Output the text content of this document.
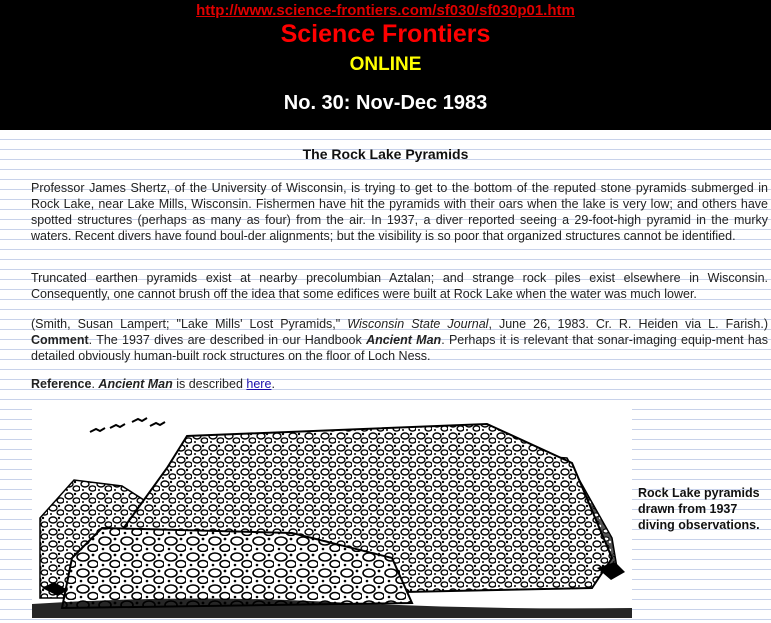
http://www.science-frontiers.com/sf030/sf030p01.htm
Science Frontiers
ONLINE
No. 30: Nov-Dec 1983
The Rock Lake Pyramids
Professor James Shertz, of the University of Wisconsin, is trying to get to the bottom of the reputed stone pyramids submerged in Rock Lake, near Lake Mills, Wisconsin. Fishermen have hit the pyramids with their oars when the lake is very low; and others have spotted structures (perhaps as many as four) from the air. In 1937, a diver reported seeing a 29-foot-high pyramid in the murky waters. Recent divers have found boul-der alignments; but the visibility is so poor that organized structures cannot be identified.
Truncated earthen pyramids exist at nearby precolumbian Aztalan; and strange rock piles exist elsewhere in Wisconsin. Consequently, one cannot brush off the idea that some edifices were built at Rock Lake when the water was much lower.
(Smith, Susan Lampert; "Lake Mills' Lost Pyramids," Wisconsin State Journal, June 26, 1983. Cr. R. Heiden via L. Farish.) Comment. The 1937 dives are described in our Handbook Ancient Man. Perhaps it is relevant that sonar-imaging equip-ment has detailed obviously human-built rock structures on the floor of Loch Ness.
Reference. Ancient Man is described here.
Rock Lake pyramids drawn from 1937 diving observations.
